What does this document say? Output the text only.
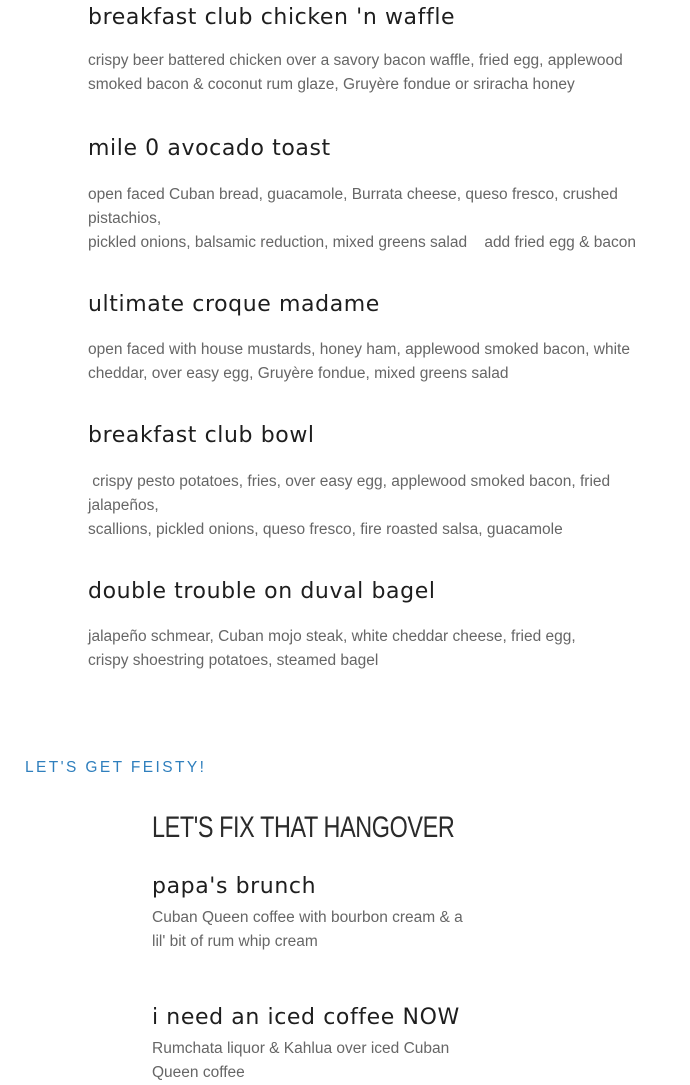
breakfast club chicken 'n waffle
crispy beer battered chicken over a savory bacon waffle, fried egg, applewood
smoked bacon & coconut rum glaze, Gruyère fondue or sriracha honey
mile 0 avocado toast
open faced Cuban bread, guacamole, Burrata cheese, queso fresco, crushed
pistachios,
pickled onions, balsamic reduction, mixed greens salad    add fried egg & bacon
ultimate croque madame
open faced with house mustards, honey ham, applewood smoked bacon, white
cheddar, over easy egg, Gruyère fondue, mixed greens salad
breakfast club bowl
crispy pesto potatoes, fries, over easy egg, applewood smoked bacon, fried
jalapeños,
scallions, pickled onions, queso fresco, fire roasted salsa, guacamole
double trouble on duval bagel
jalapeño schmear, Cuban mojo steak, white cheddar cheese, fried egg,
crispy shoestring potatoes, steamed bagel
LET'S GET FEISTY!
LET'S FIX THAT HANGOVER
papa's brunch
Cuban Queen coffee with bourbon cream & a
lil' bit of rum whip cream
i need an iced coffee NOW
Rumchata liquor & Kahlua over iced Cuban
Queen coffee
